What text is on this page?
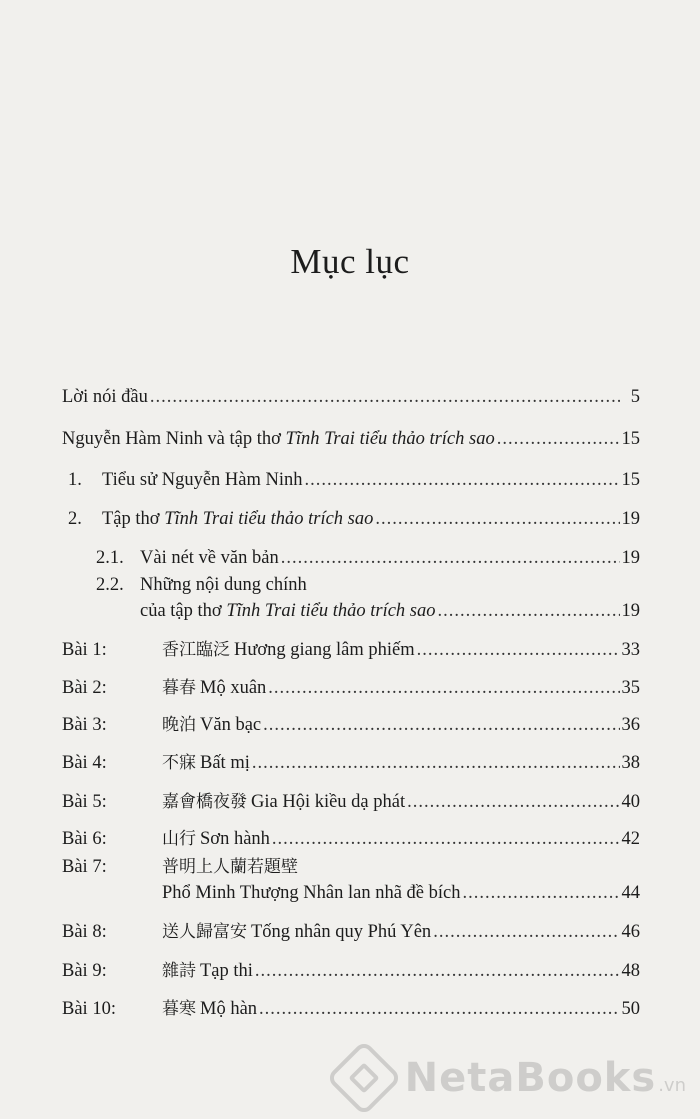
Mục lục
Lời nói đầu .....	5
Nguyễn Hàm Ninh và tập thơ Tĩnh Trai tiểu thảo trích sao .....	15
1.	Tiểu sử Nguyễn Hàm Ninh .....	15
2.	Tập thơ Tĩnh Trai tiểu thảo trích sao .....	19
2.1. Vài nét về văn bản .....	19
2.2. Những nội dung chính
của tập thơ Tĩnh Trai tiểu thảo trích sao .....	19
Bài 1:	香江臨泛 Hương giang lâm phiếm .....	33
Bài 2:	暮春 Mộ xuân .....	35
Bài 3:	晚泊 Văn bạc .....	36
Bài 4:	不寐 Bất mị .....	38
Bài 5:	嘉會橋夜發 Gia Hội kiều dạ phát .....	40
Bài 6:	山行 Sơn hành .....	42
Bài 7:	普明上人蘭若題壁
Phổ Minh Thượng Nhân lan nhã đề bích .....	44
Bài 8:	送人歸富安 Tống nhân quy Phú Yên .....	46
Bài 9:	雜詩 Tạp thi .....	48
Bài 10:	暮寒 Mộ hàn .....	50
NetaBooks .vn
